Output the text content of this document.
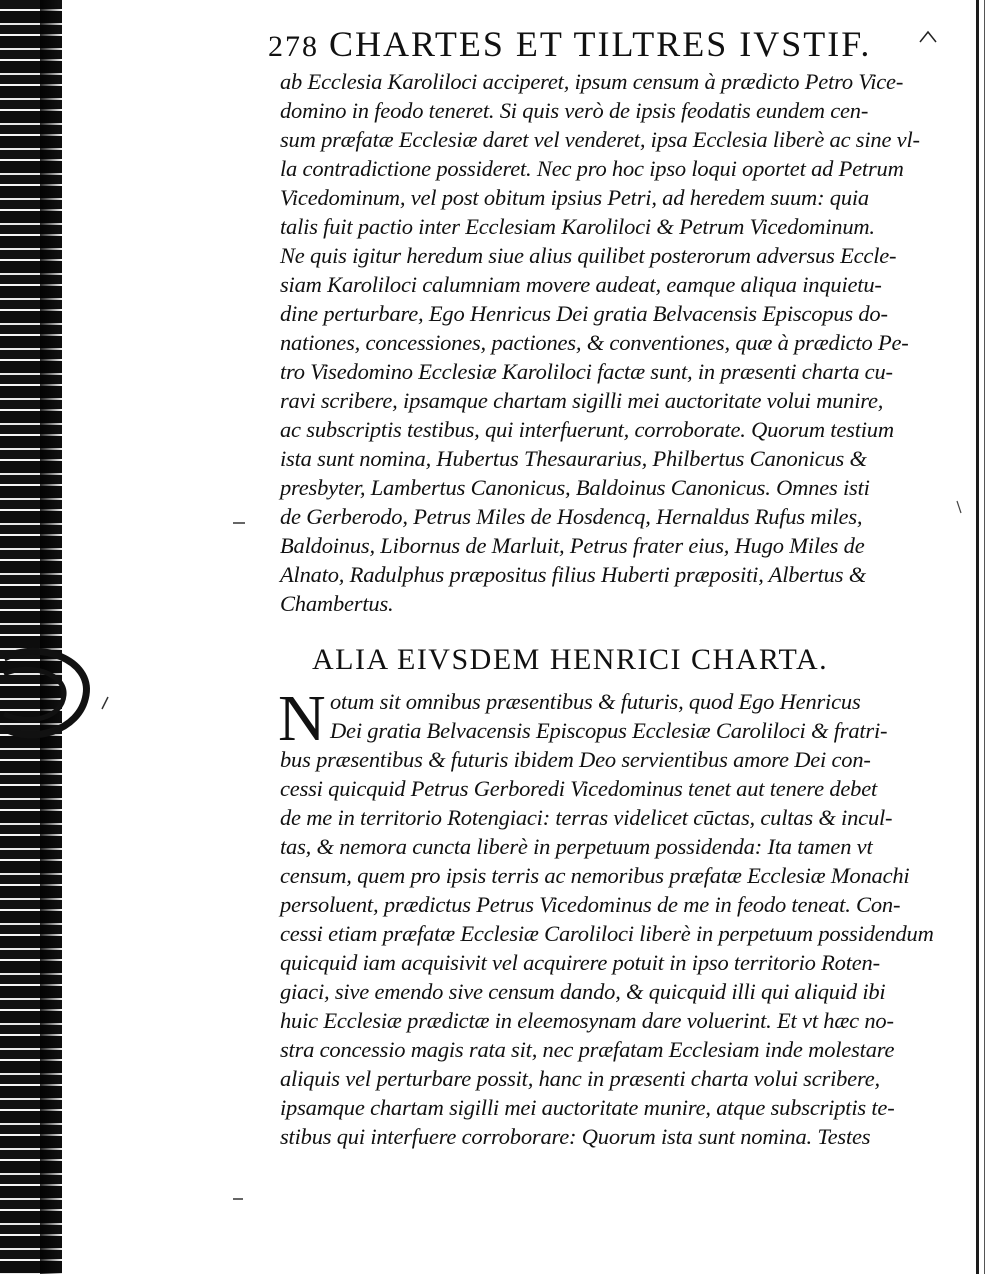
278 CHARTES ET TILTRES IVSTIF.
ab Ecclesia Karoliloci acciperet, ipsum censum à prædicto Petro Vice-
domino in feodo teneret. Si quis verò de ipsis feodatis eundem cen-
sum præfatæ Ecclesiæ daret vel venderet, ipsa Ecclesia liberè ac sine vl-
la contradictione possideret. Nec pro hoc ipso loqui oportet ad Petrum
Vicedominum, vel post obitum ipsius Petri, ad heredem suum: quia
talis fuit pactio inter Ecclesiam Karoliloci & Petrum Vicedominum.
Ne quis igitur heredum siue alius quilibet posterorum adversus Eccle-
siam Karoliloci calumniam movere audeat, eamque aliqua inquietu-
dine perturbare, Ego Henricus Dei gratia Belvacensis Episcopus do-
nationes, concessiones, pactiones, & conventiones, quæ à prædicto Pe-
tro Visedomino Ecclesiæ Karoliloci factæ sunt, in præsenti charta cu-
ravi scribere, ipsamque chartam sigilli mei auctoritate volui munire,
ac subscriptis testibus, qui interfuerunt, corroborate. Quorum testium
ista sunt nomina, Hubertus Thesaurarius, Philbertus Canonicus &
presbyter, Lambertus Canonicus, Baldoinus Canonicus. Omnes isti
de Gerberodo, Petrus Miles de Hosdencq, Hernaldus Rufus miles,
Baldoinus, Libornus de Marluit, Petrus frater eius, Hugo Miles de
Alnato, Radulphus præpositus filius Huberti præpositi, Albertus &
Chambertus.
ALIA EIVSDEM HENRICI CHARTA.
N otum sit omnibus præsentibus & futuris, quod Ego Henricus
Dei gratia Belvacensis Episcopus Ecclesiæ Caroliloci & fratri-
bus præsentibus & futuris ibidem Deo servientibus amore Dei con-
cessi quicquid Petrus Gerboredi Vicedominus tenet aut tenere debet
de me in territorio Rotengiaci: terras videlicet cūctas, cultas & incul-
tas, & nemora cuncta liberè in perpetuum possidenda: Ita tamen vt
censum, quem pro ipsis terris ac nemoribus præfatæ Ecclesiæ Monachi
persoluent, prædictus Petrus Vicedominus de me in feodo teneat. Con-
cessi etiam præfatæ Ecclesiæ Caroliloci liberè in perpetuum possidendum
quicquid iam acquisivit vel acquirere potuit in ipso territorio Roten-
giaci, sive emendo sive censum dando, & quicquid illi qui aliquid ibi
huic Ecclesiæ prædictæ in eleemosynam dare voluerint. Et vt hæc no-
stra concessio magis rata sit, nec præfatam Ecclesiam inde molestare
aliquis vel perturbare possit, hanc in præsenti charta volui scribere,
ipsamque chartam sigilli mei auctoritate munire, atque subscriptis te-
stibus qui interfuere corroborare: Quorum ista sunt nomina. Testes
